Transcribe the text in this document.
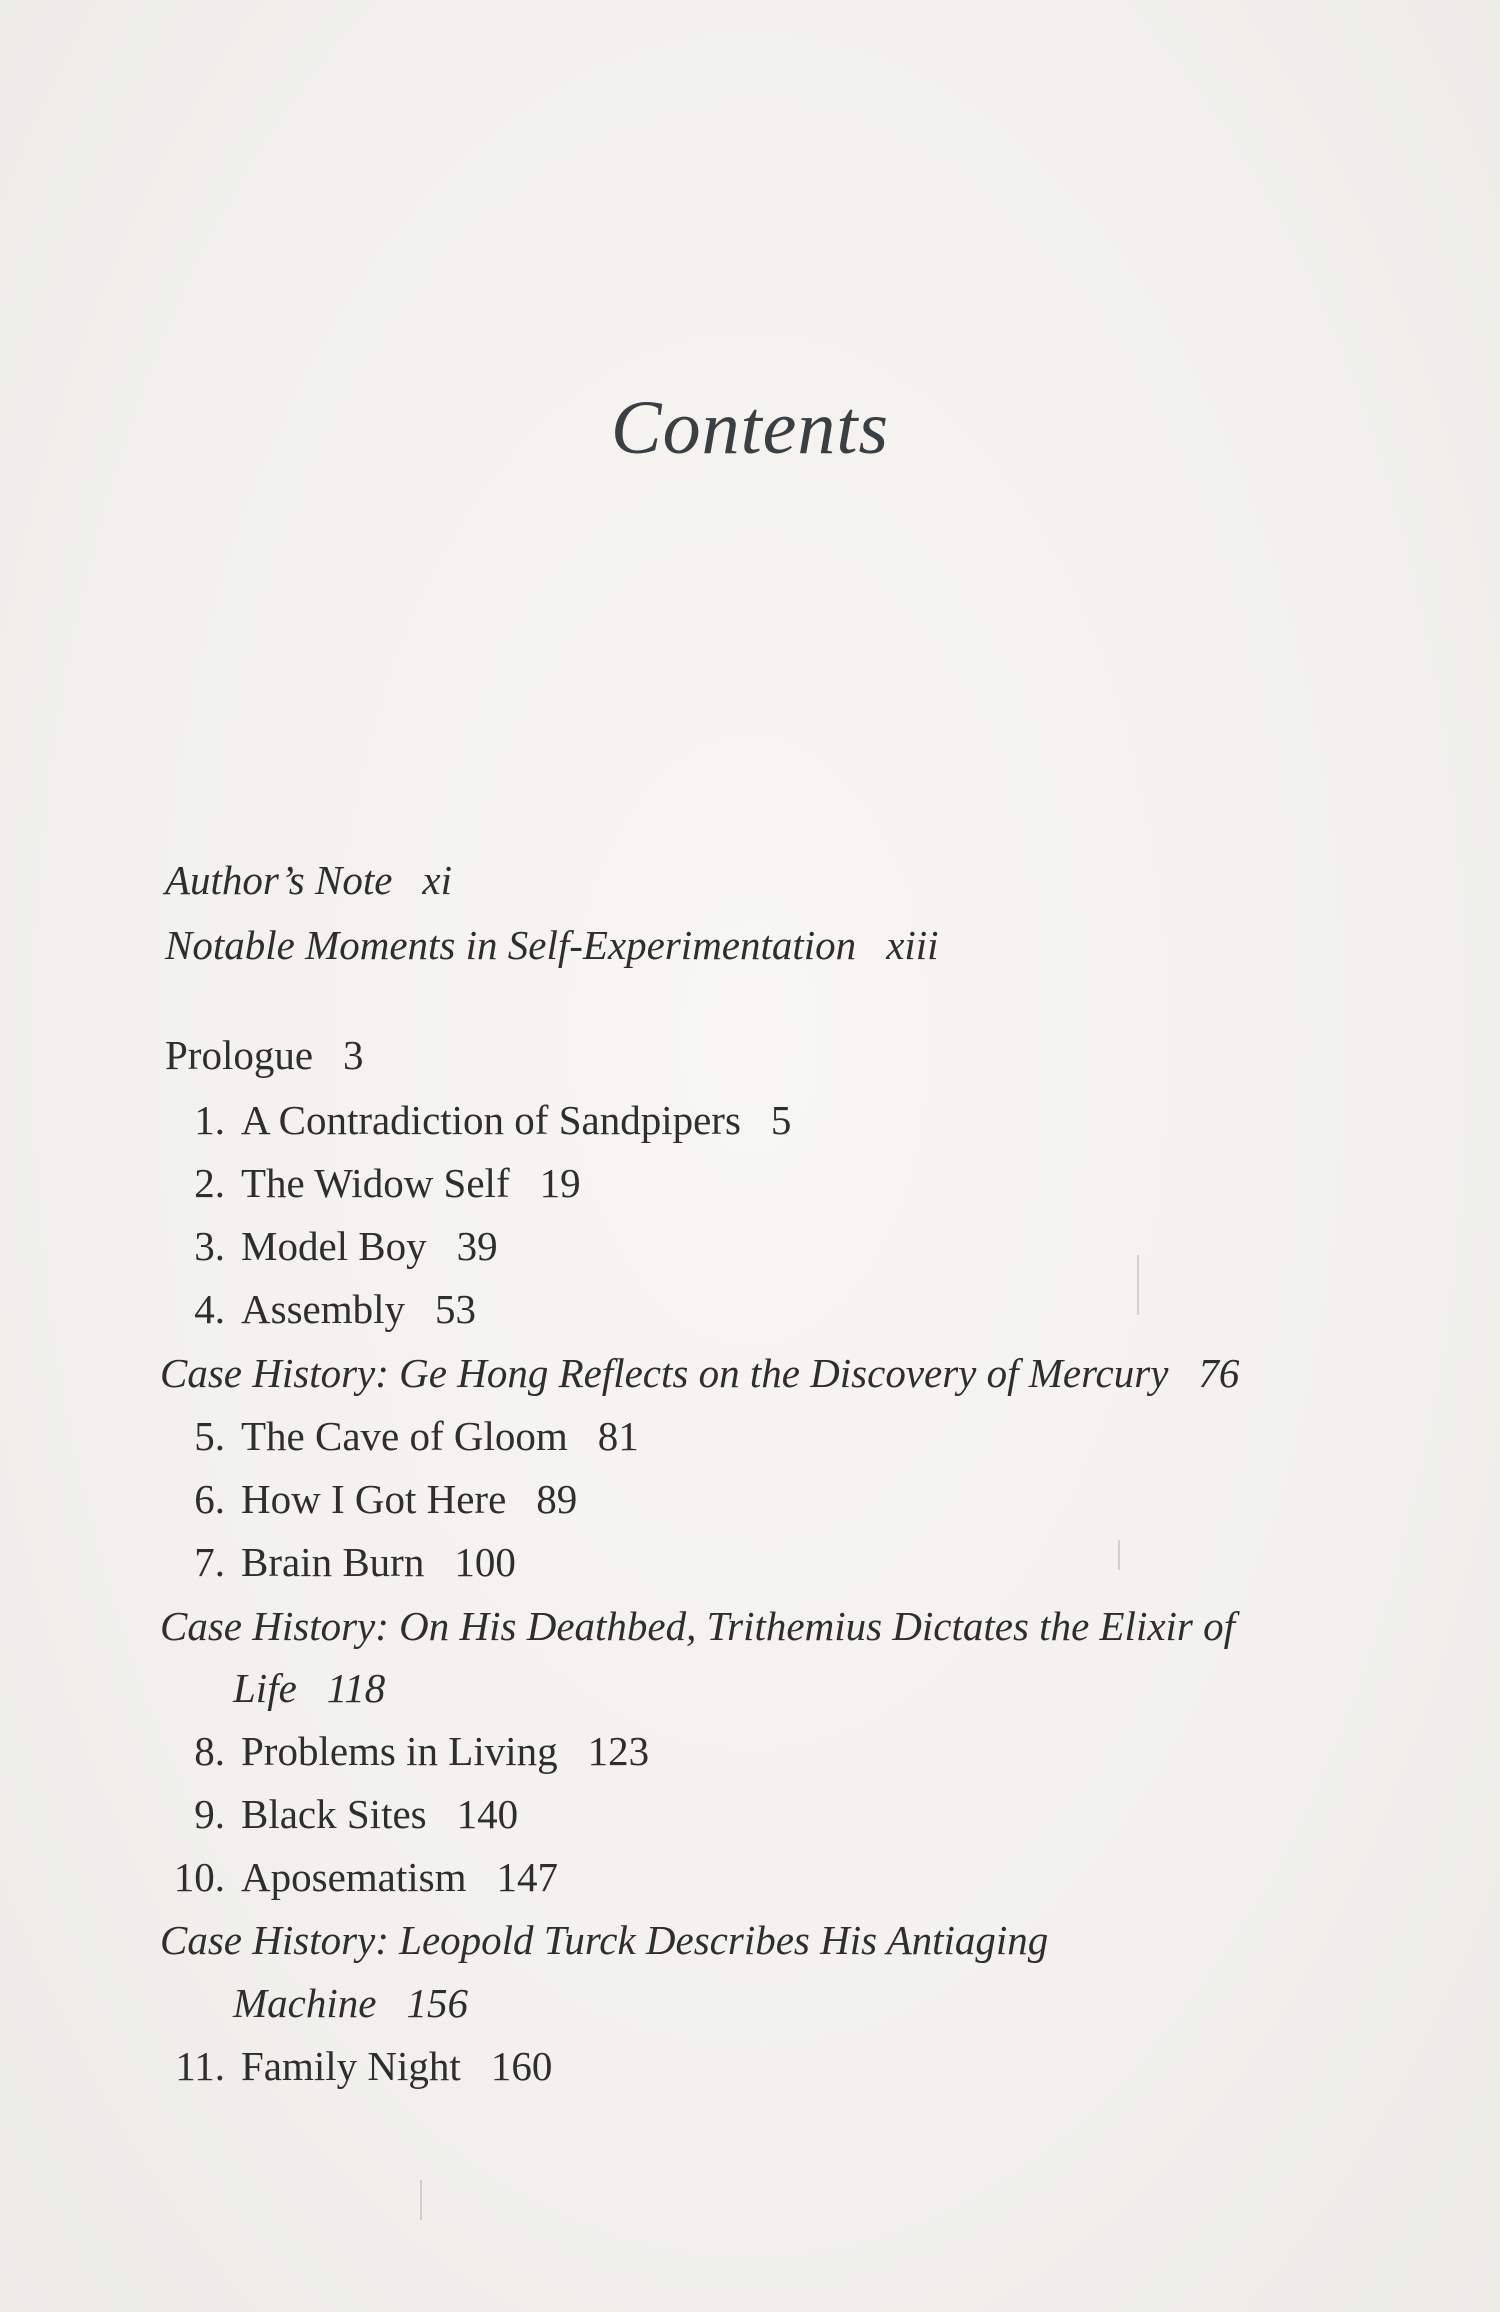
Contents
Author’s Note xi
Notable Moments in Self-Experimentation xiii
Prologue 3
1. A Contradiction of Sandpipers 5
2. The Widow Self 19
3. Model Boy 39
4. Assembly 53
Case History: Ge Hong Reflects on the Discovery of Mercury 76
5. The Cave of Gloom 81
6. How I Got Here 89
7. Brain Burn 100
Case History: On His Deathbed, Trithemius Dictates the Elixir of
Life 118
8. Problems in Living 123
9. Black Sites 140
10. Aposematism 147
Case History: Leopold Turck Describes His Antiaging
Machine 156
11. Family Night 160
